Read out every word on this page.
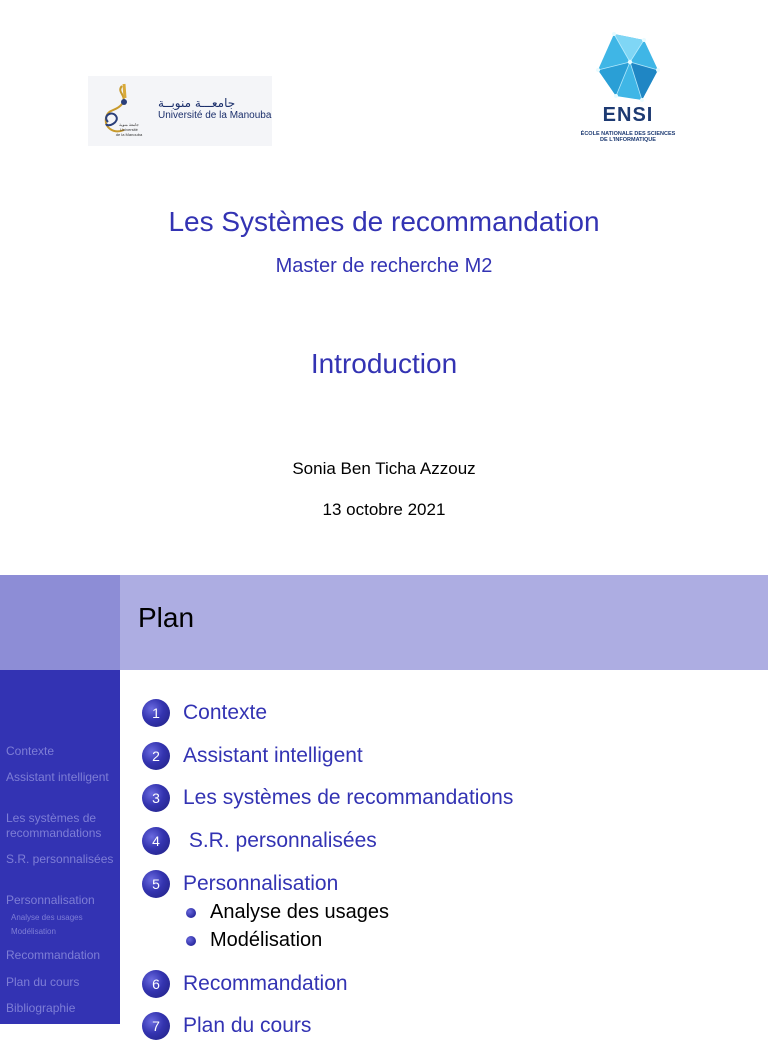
جامعة منوبة
Université
de la Manouba
جامعـــة منوبــة
Université de la Manouba	ENSI
ÉCOLE NATIONALE DES SCIENCES
DE L'INFORMATIQUE
Les Systèmes de recommandation
Master de recherche M2
Introduction
Sonia Ben Ticha Azzouz
13 octobre 2021
Plan
Contexte
Assistant intelligent
Les systèmes de recommandations
S.R. personnalisées
Personnalisation
Analyse des usages
Modélisation
Recommandation
Plan du cours
Bibliographie
1	Contexte
2	Assistant intelligent
3	Les systèmes de recommandations
4	S.R. personnalisées
5	Personnalisation
Analyse des usages
Modélisation
6	Recommandation
7	Plan du cours
